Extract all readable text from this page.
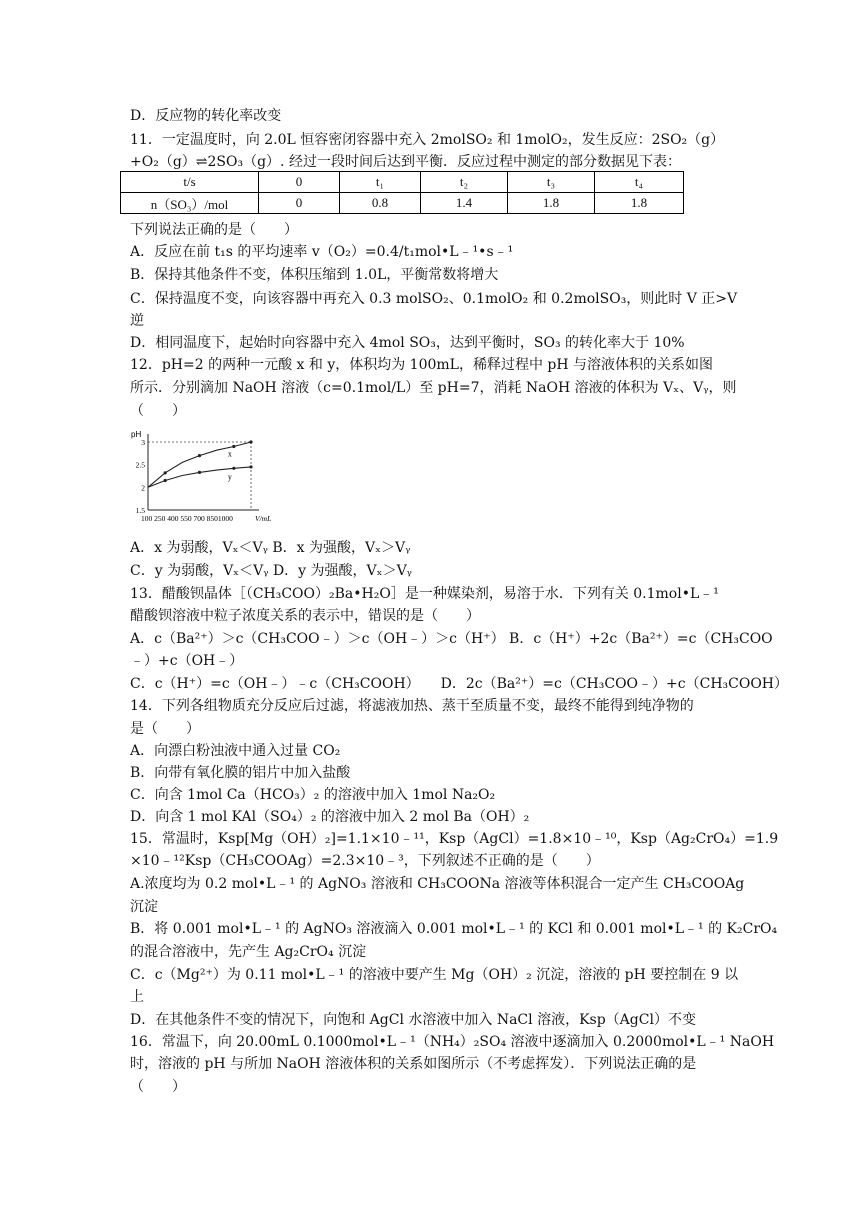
D．反应物的转化率改变
11．一定温度时，向 2.0L 恒容密闭容器中充入 2molSO₂ 和 1molO₂，发生反应：2SO₂（g）
+O₂（g）⇌2SO₃（g）. 经过一段时间后达到平衡．反应过程中测定的部分数据见下表：
下列说法正确的是（　　）
A．反应在前 t₁s 的平均速率 v（O₂）=0.4/t₁mol•L﹣¹•s﹣¹
B．保持其他条件不变，体积压缩到 1.0L，平衡常数将增大
C．保持温度不变，向该容器中再充入 0.3 molSO₂、0.1molO₂ 和 0.2molSO₃，则此时 V 正>V
逆
D．相同温度下，起始时向容器中充入 4mol SO₃，达到平衡时，SO₃ 的转化率大于 10%
12．pH=2 的两种一元酸 x 和 y，体积均为 100mL，稀释过程中 pH 与溶液体积的关系如图
所示．分别滴加 NaOH 溶液（c=0.1mol/L）至 pH=7，消耗 NaOH 溶液的体积为 Vₓ、Vᵧ，则
（　　）
A．x 为弱酸，Vₓ＜Vᵧ B．x 为强酸，Vₓ＞Vᵧ
C．y 为弱酸，Vₓ＜Vᵧ D．y 为强酸，Vₓ＞Vᵧ
13．醋酸钡晶体［（CH₃COO）₂Ba•H₂O］是一种媒染剂，易溶于水．下列有关 0.1mol•L﹣¹
醋酸钡溶液中粒子浓度关系的表示中，错误的是（　　）
A．c（Ba²⁺）＞c（CH₃COO﹣）＞c（OH﹣）＞c（H⁺） B．c（H⁺）+2c（Ba²⁺）=c（CH₃COO
﹣）+c（OH﹣）
C．c（H⁺）=c（OH﹣）﹣c（CH₃COOH）　　D．2c（Ba²⁺）=c（CH₃COO﹣）+c（CH₃COOH）
14．下列各组物质充分反应后过滤，将滤液加热、蒸干至质量不变，最终不能得到纯净物的
是（　　）
A．向漂白粉浊液中通入过量 CO₂
B．向带有氧化膜的铝片中加入盐酸
C．向含 1mol Ca（HCO₃）₂ 的溶液中加入 1mol Na₂O₂
D．向含 1 mol KAl（SO₄）₂ 的溶液中加入 2 mol Ba（OH）₂
15．常温时，Ksp[Mg（OH）₂]=1.1×10﹣¹¹，Ksp（AgCl）=1.8×10﹣¹⁰，Ksp（Ag₂CrO₄）=1.9
×10﹣¹²Ksp（CH₃COOAg）=2.3×10﹣³，下列叙述不正确的是（　　）
A.浓度均为 0.2 mol•L﹣¹ 的 AgNO₃ 溶液和 CH₃COONa 溶液等体积混合一定产生 CH₃COOAg
沉淀
B．将 0.001 mol•L﹣¹ 的 AgNO₃ 溶液滴入 0.001 mol•L﹣¹ 的 KCl 和 0.001 mol•L﹣¹ 的 K₂CrO₄
的混合溶液中，先产生 Ag₂CrO₄ 沉淀
C．c（Mg²⁺）为 0.11 mol•L﹣¹ 的溶液中要产生 Mg（OH）₂ 沉淀，溶液的 pH 要控制在 9 以
上
D．在其他条件不变的情况下，向饱和 AgCl 水溶液中加入 NaCl 溶液，Ksp（AgCl）不变
16．常温下，向 20.00mL 0.1000mol•L﹣¹（NH₄）₂SO₄ 溶液中逐滴加入 0.2000mol•L﹣¹ NaOH
时，溶液的 pH 与所加 NaOH 溶液体积的关系如图所示（不考虑挥发）．下列说法正确的是
（　　）
t/s	0	t₁	t₂	t₃	t₄
n（SO₃）/mol	0	0.8	1.4	1.8	1.8
pH
1.5
2
2.5
3
100 250 400 550 700 8501000	V/mL
x
y
